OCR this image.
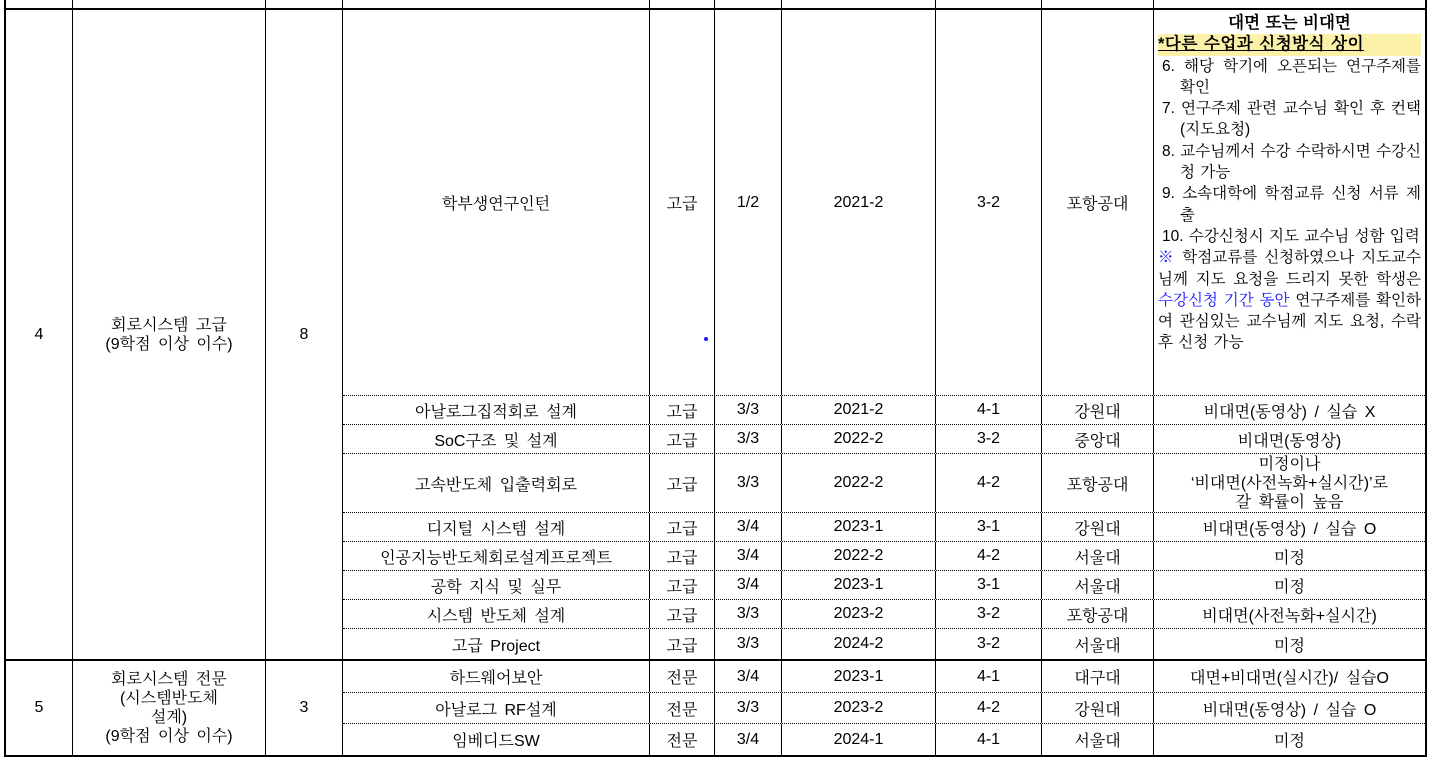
4
회로시스템 고급
(9학점 이상 이수)
8
학부생연구인턴	고급	1/2	2021-2	3-2	포항공대
대면 또는 비대면
*다른 수업과 신청방식 상이
6. 해당 학기에 오픈되는 연구주제를 확인
7. 연구주제 관련 교수님 확인 후 컨택(지도요청)
8. 교수님께서 수강 수락하시면 수강신청 가능
9. 소속대학에 학점교류 신청 서류 제출
10. 수강신청시 지도 교수님 성함 입력
※ 학점교류를 신청하였으나 지도교수님께 지도 요청을 드리지 못한 학생은 수강신청 기간 동안 연구주제를 확인하여 관심있는 교수님께 지도 요청, 수락 후 신청 가능
아날로그집적회로 설계	고급	3/3	2021-2	4-1	강원대	비대면(동영상) / 실습 X
SoC구조 및 설계	고급	3/3	2022-2	3-2	중앙대	비대면(동영상)
고속반도체 입출력회로	고급	3/3	2022-2	4-2	포항공대
미정이나
‘비대면(사전녹화+실시간)’로
갈 확률이 높음
디지털 시스템 설계	고급	3/4	2023-1	3-1	강원대	비대면(동영상) / 실습 O
인공지능반도체회로설계프로젝트	고급	3/4	2022-2	4-2	서울대	미정
공학 지식 및 실무	고급	3/4	2023-1	3-1	서울대	미정
시스템 반도체 설계	고급	3/3	2023-2	3-2	포항공대	비대면(사전녹화+실시간)
고급 Project	고급	3/3	2024-2	3-2	서울대	미정
5
회로시스템 전문
(시스템반도체
설계)
(9학점 이상 이수)
3
하드웨어보안	전문	3/4	2023-1	4-1	대구대	대면+비대면(실시간)/ 실습O
아날로그 RF설계	전문	3/3	2023-2	4-2	강원대	비대면(동영상) / 실습 O
임베디드SW	전문	3/4	2024-1	4-1	서울대	미정
